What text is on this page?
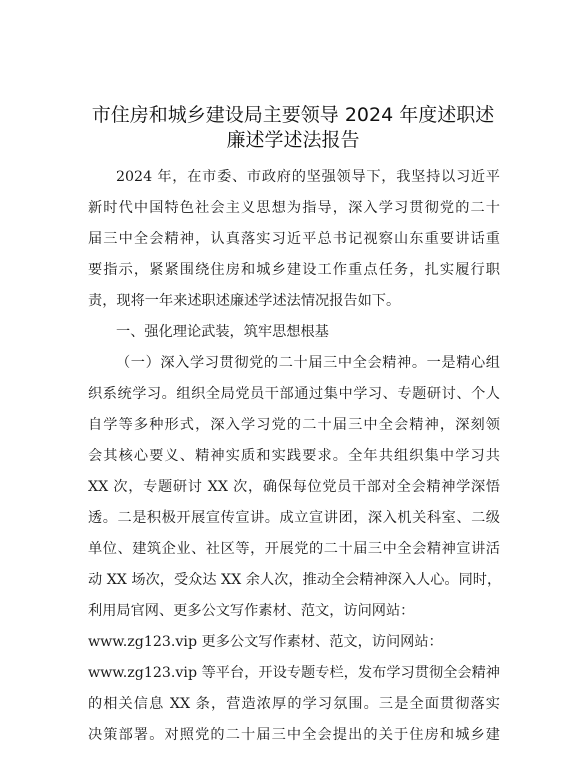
市住房和城乡建设局主要领导 2024 年度述职述
廉述学述法报告

2024 年，在市委、市政府的坚强领导下，我坚持以习近平

新时代中国特色社会主义思想为指导，深入学习贯彻党的二十

届三中全会精神，认真落实习近平总书记视察山东重要讲话重

要指示，紧紧围绕住房和城乡建设工作重点任务，扎实履行职

责，现将一年来述职述廉述学述法情况报告如下。

一、强化理论武装，筑牢思想根基

（一）深入学习贯彻党的二十届三中全会精神。一是精心组

织系统学习。组织全局党员干部通过集中学习、专题研讨、个人

自学等多种形式，深入学习党的二十届三中全会精神，深刻领

会其核心要义、精神实质和实践要求。全年共组织集中学习共

XX 次，专题研讨 XX 次，确保每位党员干部对全会精神学深悟

透。二是积极开展宣传宣讲。成立宣讲团，深入机关科室、二级

单位、建筑企业、社区等，开展党的二十届三中全会精神宣讲活

动 XX 场次，受众达 XX 余人次，推动全会精神深入人心。同时，

利用局官网、更多公文写作素材、范文，访问网站：

www.zg123.vip 更多公文写作素材、范文，访问网站：

www.zg123.vip 等平台，开设专题专栏，发布学习贯彻全会精神

的相关信息 XX 条，营造浓厚的学习氛围。三是全面贯彻落实

决策部署。对照党的二十届三中全会提出的关于住房和城乡建
